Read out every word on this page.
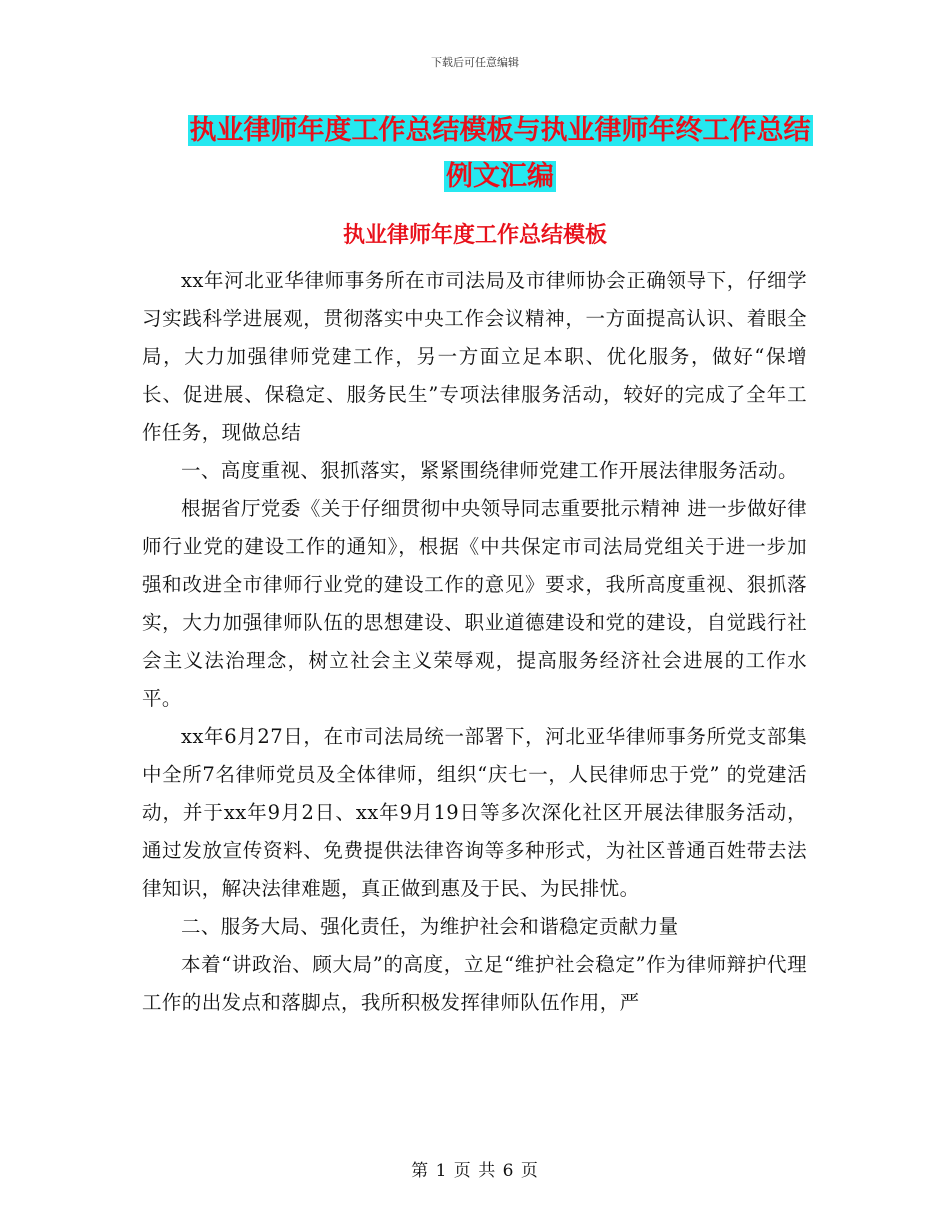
下载后可任意编辑
执业律师年度工作总结模板与执业律师年终工作总结
例文汇编
执业律师年度工作总结模板

xx年河北亚华律师事务所在市司法局及市律师协会正确领导下，仔细学习实践科学进展观，贯彻落实中央工作会议精神，一方面提高认识、着眼全局，大力加强律师党建工作，另一方面立足本职、优化服务，做好“保增长、促进展、保稳定、服务民生”专项法律服务活动，较好的完成了全年工作任务，现做总结

一、高度重视、狠抓落实，紧紧围绕律师党建工作开展法律服务活动。

根据省厅党委《关于仔细贯彻中央领导同志重要批示精神 进一步做好律师行业党的建设工作的通知》，根据《中共保定市司法局党组关于进一步加强和改进全市律师行业党的建设工作的意见》要求，我所高度重视、狠抓落实，大力加强律师队伍的思想建设、职业道德建设和党的建设，自觉践行社会主义法治理念，树立社会主义荣辱观，提高服务经济社会进展的工作水平。

xx年6月27日，在市司法局统一部署下，河北亚华律师事务所党支部集中全所7名律师党员及全体律师，组织“庆七一，人民律师忠于党” 的党建活动，并于xx年9月2日、xx年9月19日等多次深化社区开展法律服务活动，通过发放宣传资料、免费提供法律咨询等多种形式，为社区普通百姓带去法律知识，解决法律难题，真正做到惠及于民、为民排忧。

二、服务大局、强化责任，为维护社会和谐稳定贡献力量

本着“讲政治、顾大局”的高度，立足“维护社会稳定”作为律师辩护代理工作的出发点和落脚点，我所积极发挥律师队伍作用，严

第 1 页 共 6 页
